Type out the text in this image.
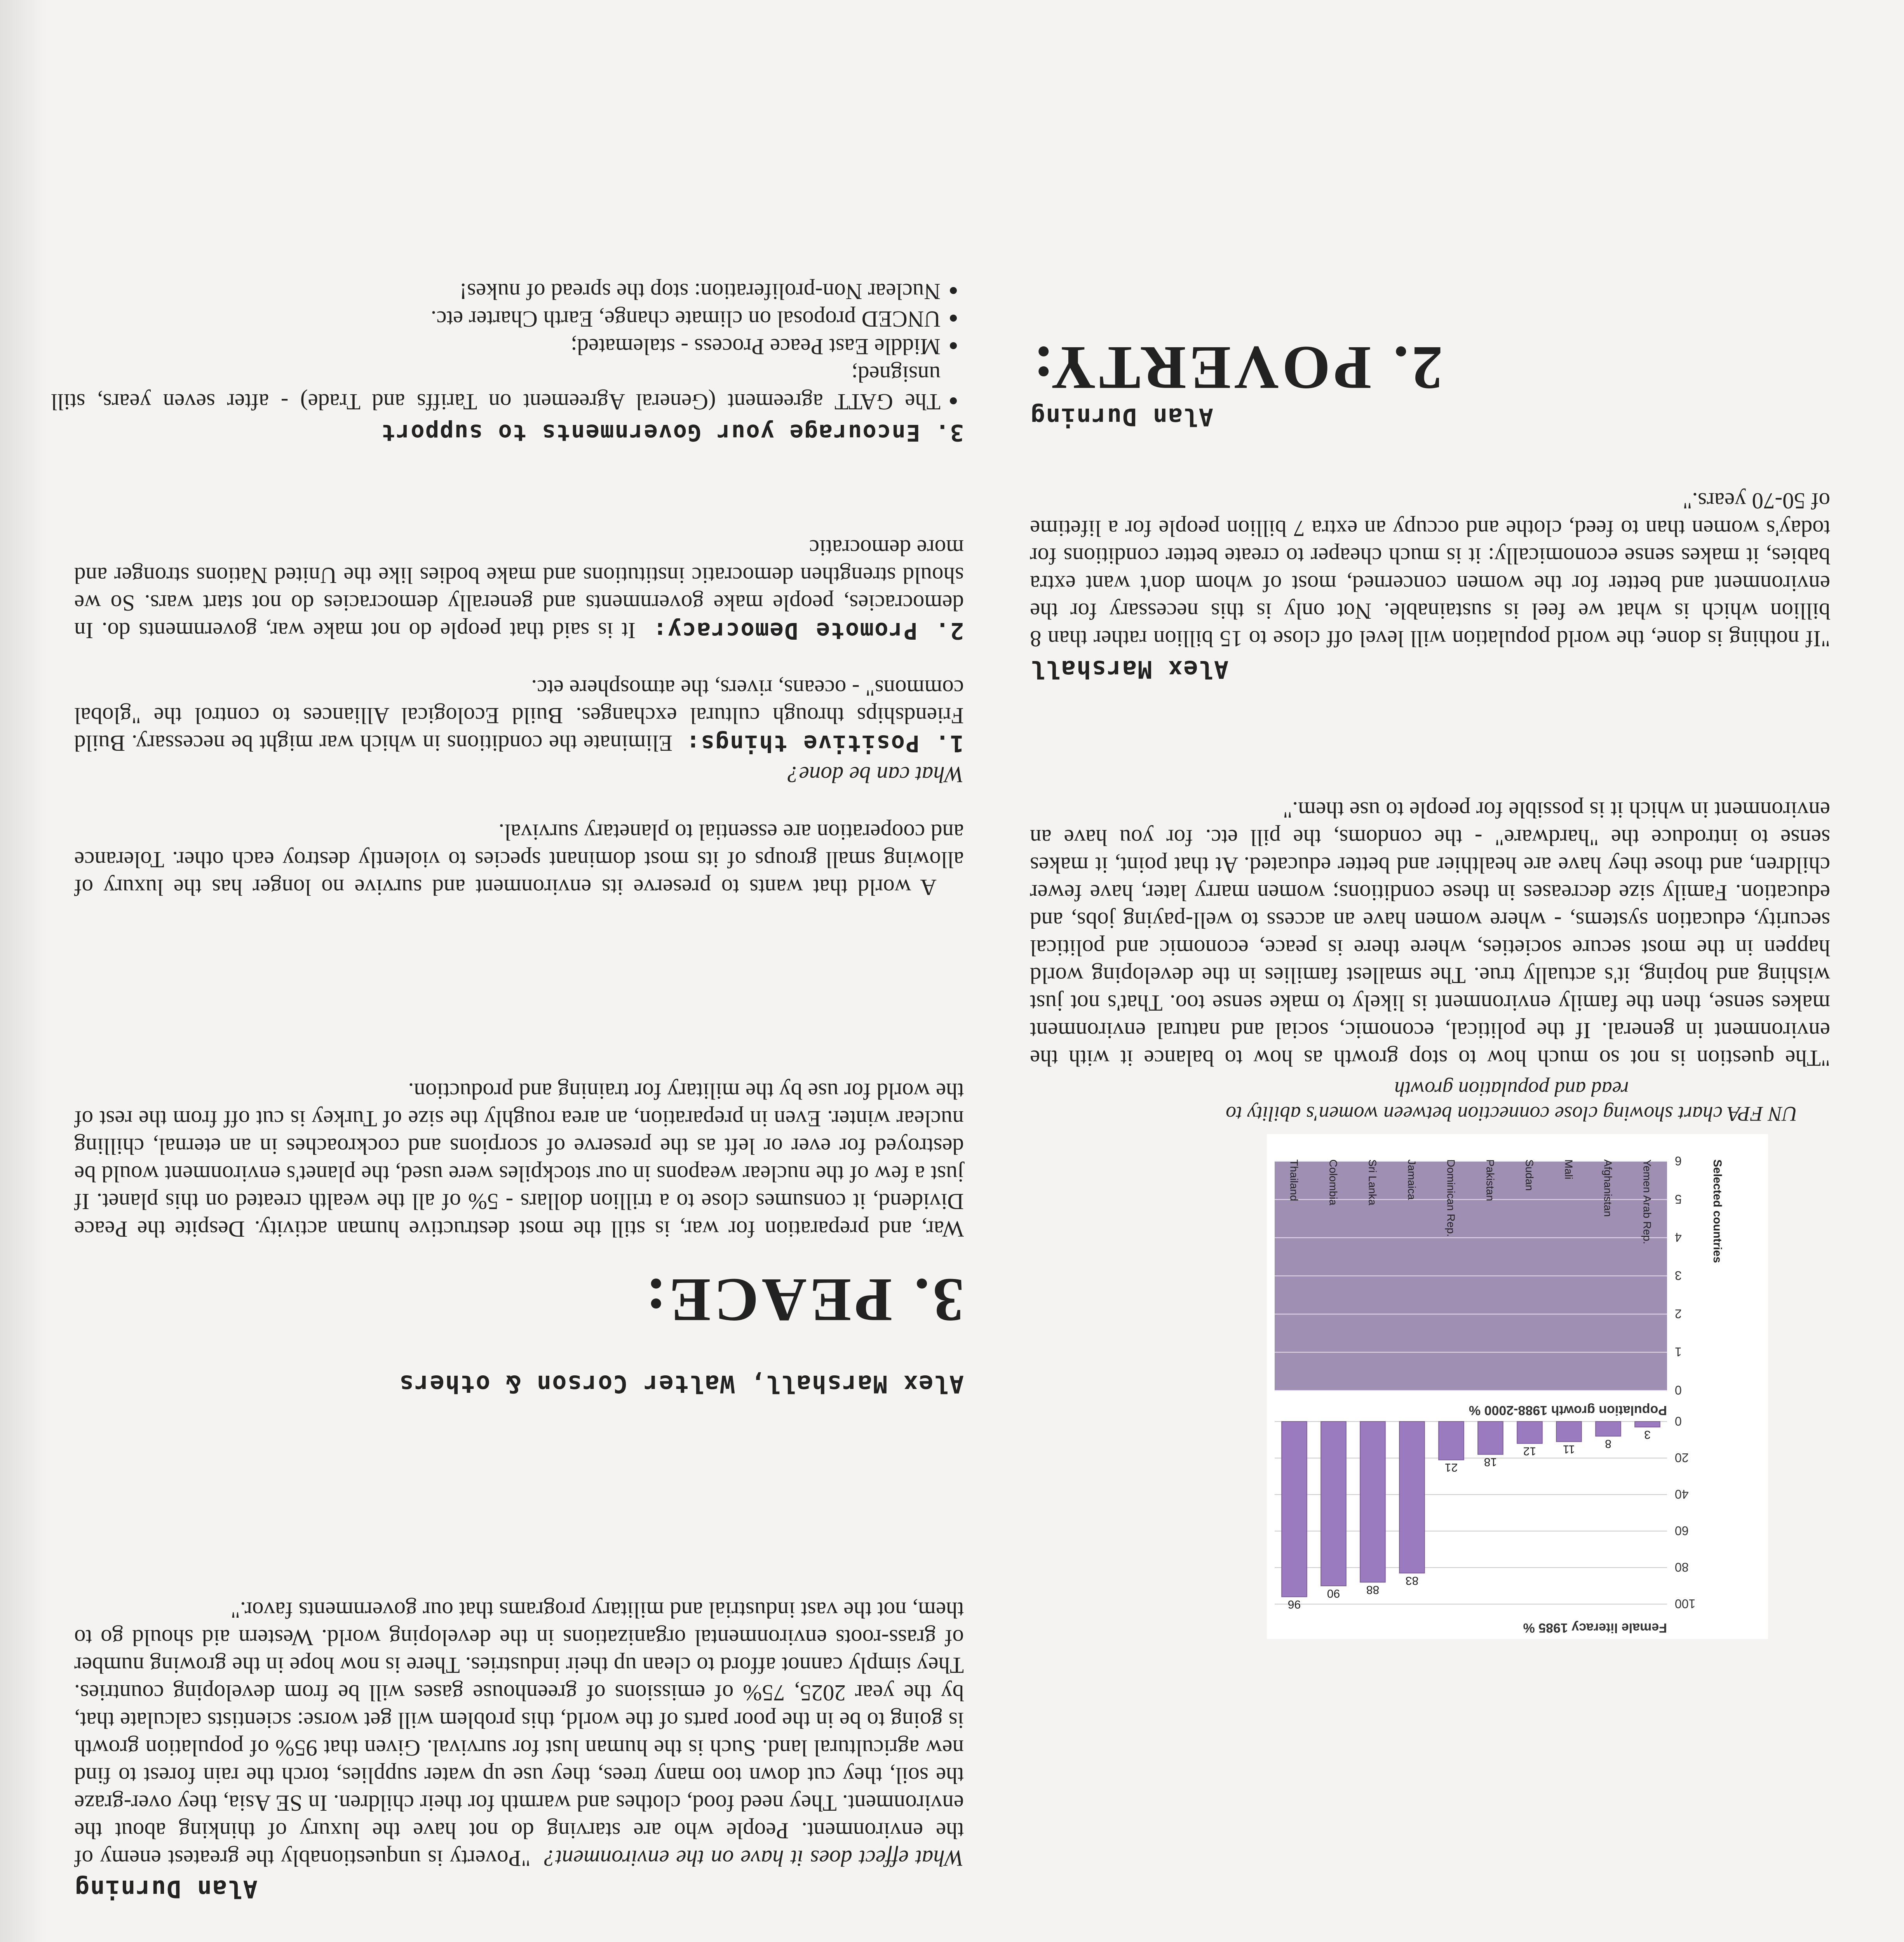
Female literacy 1985 %
Population growth 1988-2000 %
0
20
40
60
80
100
0
1
2
3
4
5
6
3
Yemen Arab Rep.
8
Afghanistan
11
Mali
12
Sudan
18
Pakistan
21
Dominican Rep.
83
Jamaica
88
Sri Lanka
90
Colombia
96
Thailand	Selected countries

UN FPA chart showing close connection between women's ability to read and population growth

"The question is not so much how to stop growth as how to balance it with the environment in general. If the political, economic, social and natural environment makes sense, then the family environment is likely to make sense too. That's not just wishing and hoping, it's actually true. The smallest families in the developing world happen in the most secure societies, where there is peace, economic and political security, education systems, - where women have an access to well-paying jobs, and education. Family size decreases in these conditions; women marry later, have fewer children, and those they have are healthier and better educated. At that point, it makes sense to introduce the "hardware" - the condoms, the pill etc. for you have an environment in which it is possible for people to use them."

Alex Marshall

"If nothing is done, the world population will level off close to 15 billion rather than 8 billion which is what we feel is sustainable. Not only is this necessary for the environment and better for the women concerned, most of whom don't want extra babies, it makes sense economically: it is much cheaper to create better conditions for today's women than to feed, clothe and occupy an extra 7 billion people for a lifetime of 50-70 years."

Alan Durning

2. POVERTY:

Alan Durning

What effect does it have on the environment?  "Poverty is unquestionably the greatest enemy of the environment. People who are starving do not have the luxury of thinking about the environment. They need food, clothes and warmth for their children. In SE Asia, they over-graze the soil, they cut down too many trees, they use up water supplies, torch the rain forest to find new agricultural land. Such is the human lust for survival. Given that 95% of population growth is going to be in the poor parts of the world, this problem will get worse: scientists calculate that, by the year 2025, 75% of emissions of greenhouse gases will be from developing countries. They simply cannot afford to clean up their industries. There is now hope in the growing number of grass-roots environmental organizations in the developing world. Western aid should go to them, not the vast industrial and military programs that our governments favor."

Alex Marshall, Walter Corson & others

3. PEACE:
War, and preparation for war, is still the most destructive human activity. Despite the Peace Dividend, it consumes close to a trillion dollars - 5% of all the wealth created on this planet. If just a few of the nuclear weapons in our stockpiles were used, the planet's environment would be destroyed for ever or left as the preserve of scorpions and cockroaches in an eternal, chilling nuclear winter. Even in preparation, an area roughly the size of Turkey is cut off from the rest of the world for use by the military for training and production.
A world that wants to preserve its environment and survive no longer has the luxury of allowing small groups of its most dominant species to violently destroy each other. Tolerance and cooperation are essential to planetary survival.

What can be done?

1. Positive things:  Eliminate the conditions in which war might be necessary. Build Friendships through cultural exchanges. Build Ecological Alliances to control the "global commons" - oceans, rivers, the atmosphere etc.

2. Promote Democracy:  It is said that people do not make war, governments do. In democracies, people make governments and generally democracies do not start wars. So we should strengthen democratic institutions and make bodies like the United Nations stronger and more democratic

3. Encourage your Governments to support

• The GATT agreement (General Agreement on Tariffs and Trade) - after seven years, still unsigned;
• Middle East Peace Process - stalemated;
• UNCED proposal on climate change, Earth Charter etc.
• Nuclear Non-proliferation: stop the spread of nukes!
